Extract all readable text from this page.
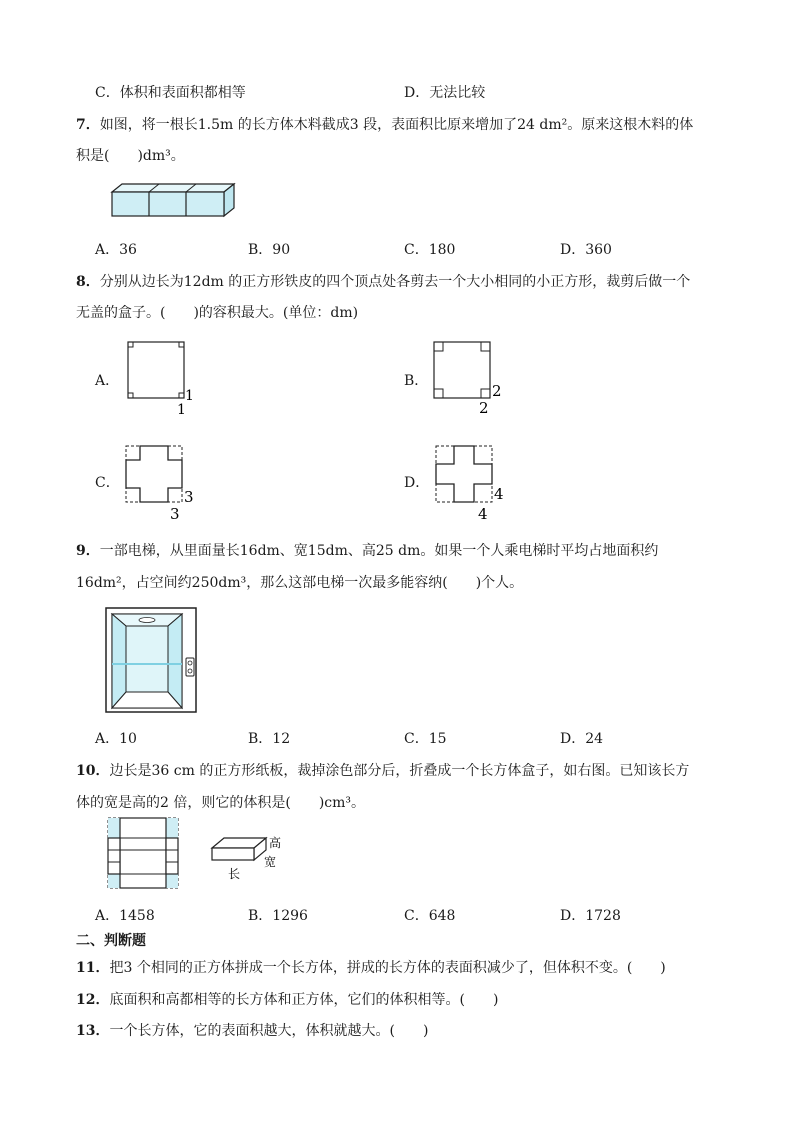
C．体积和表面积都相等	D．无法比较
7．如图，将一根长1.5m 的长方体木料截成3 段，表面积比原来增加了24 dm²。原来这根木料的体
积是(　　)dm³。
A．36	B．90	C．180	D．360
8．分别从边长为12dm 的正方形铁皮的四个顶点处各剪去一个大小相同的小正方形，裁剪后做一个
无盖的盒子。(　　)的容积最大。(单位：dm)
A．
1
1
B．
2
2
C．
3
3
D．
4
4
9．一部电梯，从里面量长16dm、宽15dm、高25 dm。如果一个人乘电梯时平均占地面积约
16dm²，占空间约250dm³，那么这部电梯一次最多能容纳(　　)个人。
A．10	B．12	C．15	D．24
10．边长是36 cm 的正方形纸板，裁掉涂色部分后，折叠成一个长方体盒子，如右图。已知该长方
体的宽是高的2 倍，则它的体积是(　　)cm³。
高
宽
长
A．1458	B．1296	C．648	D．1728
二、判断题
11．把3 个相同的正方体拼成一个长方体，拼成的长方体的表面积减少了，但体积不变。(　　)
12．底面积和高都相等的长方体和正方体，它们的体积相等。(　　)
13．一个长方体，它的表面积越大，体积就越大。(　　)
